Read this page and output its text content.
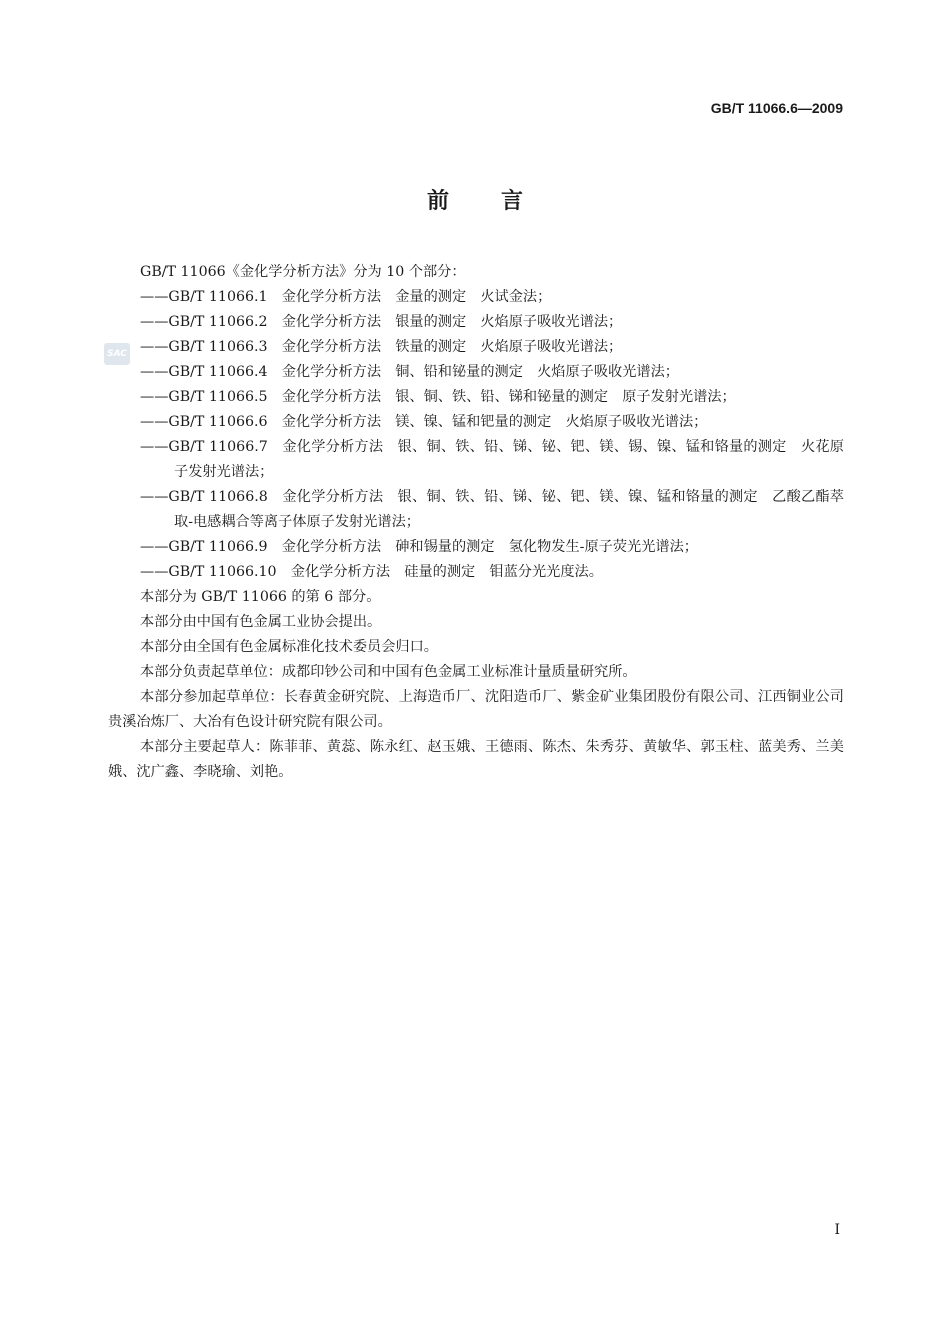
GB/T 11066.6—2009
前言
SAC

GB/T 11066《金化学分析方法》分为 10 个部分：

——GB/T 11066.1　金化学分析方法　金量的测定　火试金法；

——GB/T 11066.2　金化学分析方法　银量的测定　火焰原子吸收光谱法；

——GB/T 11066.3　金化学分析方法　铁量的测定　火焰原子吸收光谱法；

——GB/T 11066.4　金化学分析方法　铜、铅和铋量的测定　火焰原子吸收光谱法；

——GB/T 11066.5　金化学分析方法　银、铜、铁、铅、锑和铋量的测定　原子发射光谱法；

——GB/T 11066.6　金化学分析方法　镁、镍、锰和钯量的测定　火焰原子吸收光谱法；

——GB/T 11066.7　金化学分析方法　银、铜、铁、铅、锑、铋、钯、镁、锡、镍、锰和铬量的测定　火花原子发射光谱法；

——GB/T 11066.8　金化学分析方法　银、铜、铁、铅、锑、铋、钯、镁、镍、锰和铬量的测定　乙酸乙酯萃取-电感耦合等离子体原子发射光谱法；

——GB/T 11066.9　金化学分析方法　砷和锡量的测定　氢化物发生-原子荧光光谱法；

——GB/T 11066.10　金化学分析方法　硅量的测定　钼蓝分光光度法。

本部分为 GB/T 11066 的第 6 部分。

本部分由中国有色金属工业协会提出。

本部分由全国有色金属标准化技术委员会归口。

本部分负责起草单位：成都印钞公司和中国有色金属工业标准计量质量研究所。

本部分参加起草单位：长春黄金研究院、上海造币厂、沈阳造币厂、紫金矿业集团股份有限公司、江西铜业公司贵溪冶炼厂、大冶有色设计研究院有限公司。

本部分主要起草人：陈菲菲、黄蕊、陈永红、赵玉娥、王德雨、陈杰、朱秀芬、黄敏华、郭玉柱、蓝美秀、兰美娥、沈广鑫、李晓瑜、刘艳。

I
